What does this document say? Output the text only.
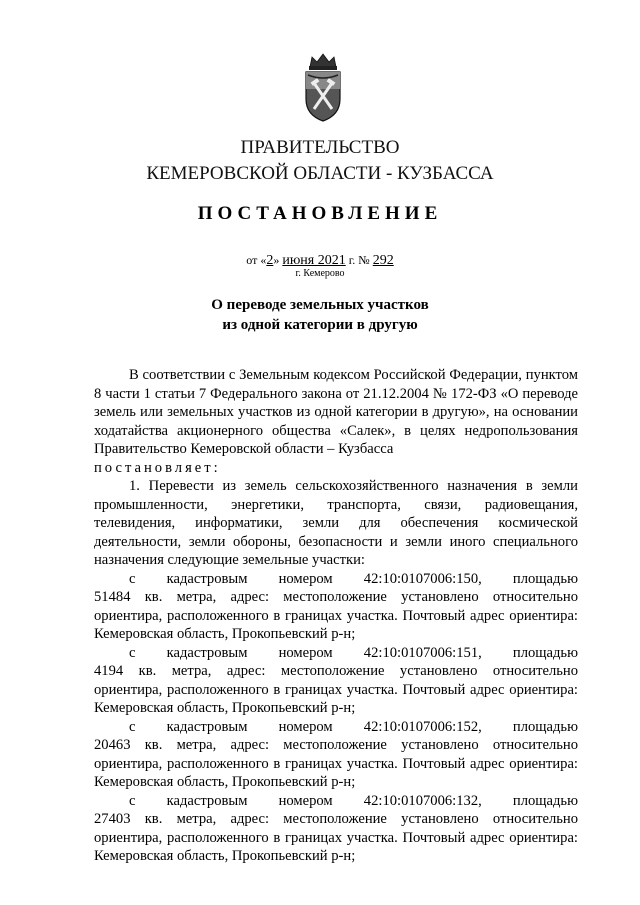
ПРАВИТЕЛЬСТВО
КЕМЕРОВСКОЙ ОБЛАСТИ - КУЗБАССА
ПОСТАНОВЛЕНИЕ
от «2» июня 2021 г. № 292
г. Кемерово
О переводе земельных участков
из одной категории в другую

В соответствии с Земельным кодексом Российской Федерации, пунктом 8 части 1 статьи 7 Федерального закона от 21.12.2004 № 172-ФЗ «О переводе земель или земельных участков из одной категории в другую», на основании ходатайства акционерного общества «Салек», в целях недропользования Правительство Кемеровской области – Кузбасса

постановляет:

1. Перевести из земель сельскохозяйственного назначения в земли промышленности, энергетики, транспорта, связи, радиовещания, телевидения, информатики, земли для обеспечения космической деятельности, земли обороны, безопасности и земли иного специального назначения следующие земельные участки:

с кадастровым номером 42:10:0107006:150, площадью

51484 кв. метра, адрес: местоположение установлено относительно ориентира, расположенного в границах участка. Почтовый адрес ориентира: Кемеровская область, Прокопьевский р-н;

с кадастровым номером 42:10:0107006:151, площадью

4194 кв. метра, адрес: местоположение установлено относительно ориентира, расположенного в границах участка. Почтовый адрес ориентира: Кемеровская область, Прокопьевский р-н;

с кадастровым номером 42:10:0107006:152, площадью

20463 кв. метра, адрес: местоположение установлено относительно ориентира, расположенного в границах участка. Почтовый адрес ориентира: Кемеровская область, Прокопьевский р-н;

с кадастровым номером 42:10:0107006:132, площадью

27403 кв. метра, адрес: местоположение установлено относительно ориентира, расположенного в границах участка. Почтовый адрес ориентира: Кемеровская область, Прокопьевский р-н;
